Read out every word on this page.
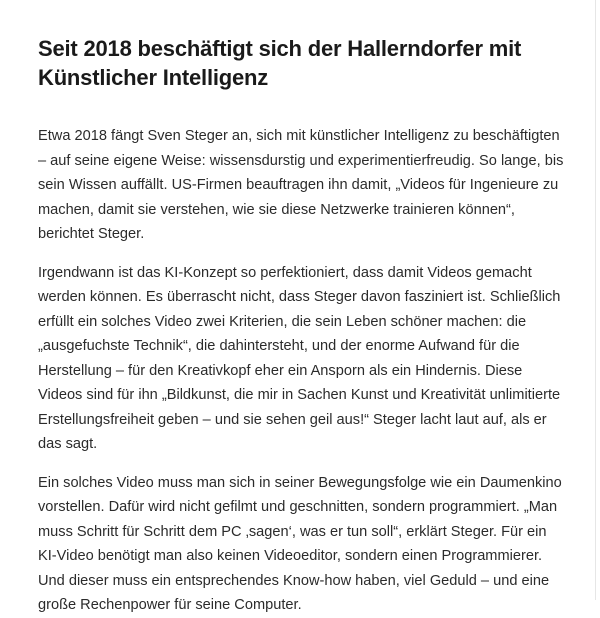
Seit 2018 beschäftigt sich der Hallerndorfer mit Künstlicher Intelligenz

Etwa 2018 fängt Sven Steger an, sich mit künstlicher Intelligenz zu beschäftigten – auf seine eigene Weise: wissensdurstig und experimentierfreudig. So lange, bis sein Wissen auffällt. US-Firmen beauftragen ihn damit, „Videos für Ingenieure zu machen, damit sie verstehen, wie sie diese Netzwerke trainieren können“, berichtet Steger.

Irgendwann ist das KI-Konzept so perfektioniert, dass damit Videos gemacht werden können. Es überrascht nicht, dass Steger davon fasziniert ist. Schließlich erfüllt ein solches Video zwei Kriterien, die sein Leben schöner machen: die „ausgefuchste Technik“, die dahintersteht, und der enorme Aufwand für die Herstellung – für den Kreativkopf eher ein Ansporn als ein Hindernis. Diese Videos sind für ihn „Bildkunst, die mir in Sachen Kunst und Kreativität unlimitierte Erstellungsfreiheit geben – und sie sehen geil aus!“ Steger lacht laut auf, als er das sagt.

Ein solches Video muss man sich in seiner Bewegungsfolge wie ein Daumenkino vorstellen. Dafür wird nicht gefilmt und geschnitten, sondern programmiert. „Man muss Schritt für Schritt dem PC ‚sagen‘, was er tun soll“, erklärt Steger. Für ein KI-Video benötigt man also keinen Videoeditor, sondern einen Programmierer. Und dieser muss ein entsprechendes Know-how haben, viel Geduld – und eine große Rechenpower für seine Computer.
